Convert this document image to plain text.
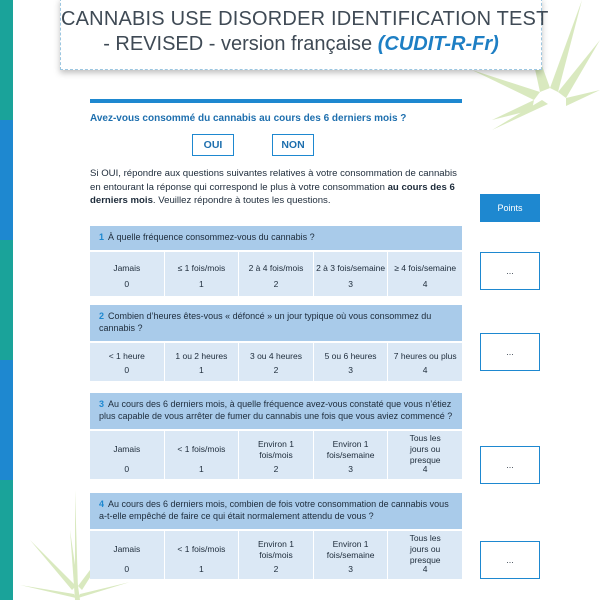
CANNABIS USE DISORDER IDENTIFICATION TEST
- REVISED - version française (CUDIT-R-Fr)
Avez-vous consommé du cannabis au cours des 6 derniers mois ?
OUI	NON
Si OUI, répondre aux questions suivantes relatives à votre consommation de cannabis en entourant la réponse qui correspond le plus à votre consommation au cours des 6 derniers mois. Veuillez répondre à toutes les questions.
Points
1 À quelle fréquence consommez-vous du cannabis ?
Jamais
0
≤ 1 fois/mois
1
2 à 4 fois/mois
2
2 à 3 fois/semaine
3
≥ 4 fois/semaine
4
...
2 Combien d’heures êtes-vous « défoncé » un jour typique où vous consommez du cannabis ?
< 1 heure
0
1 ou 2 heures
1
3 ou 4 heures
2
5 ou 6 heures
3
7 heures ou plus
4
...
3 Au cours des 6 derniers mois, à quelle fréquence avez-vous constaté que vous n’étiez plus capable de vous arrêter de fumer du cannabis une fois que vous aviez commencé ?
Jamais
0
< 1 fois/mois
1
Environ 1 fois/mois
2
Environ 1 fois/semaine
3
Tous les jours ou presque
4	...
4 Au cours des 6 derniers mois, combien de fois votre consommation de cannabis vous a-t-elle empêché de faire ce qui était normalement attendu de vous ?
Jamais
0
< 1 fois/mois
1
Environ 1 fois/mois
2
Environ 1 fois/semaine
3
Tous les jours ou presque
4
...
